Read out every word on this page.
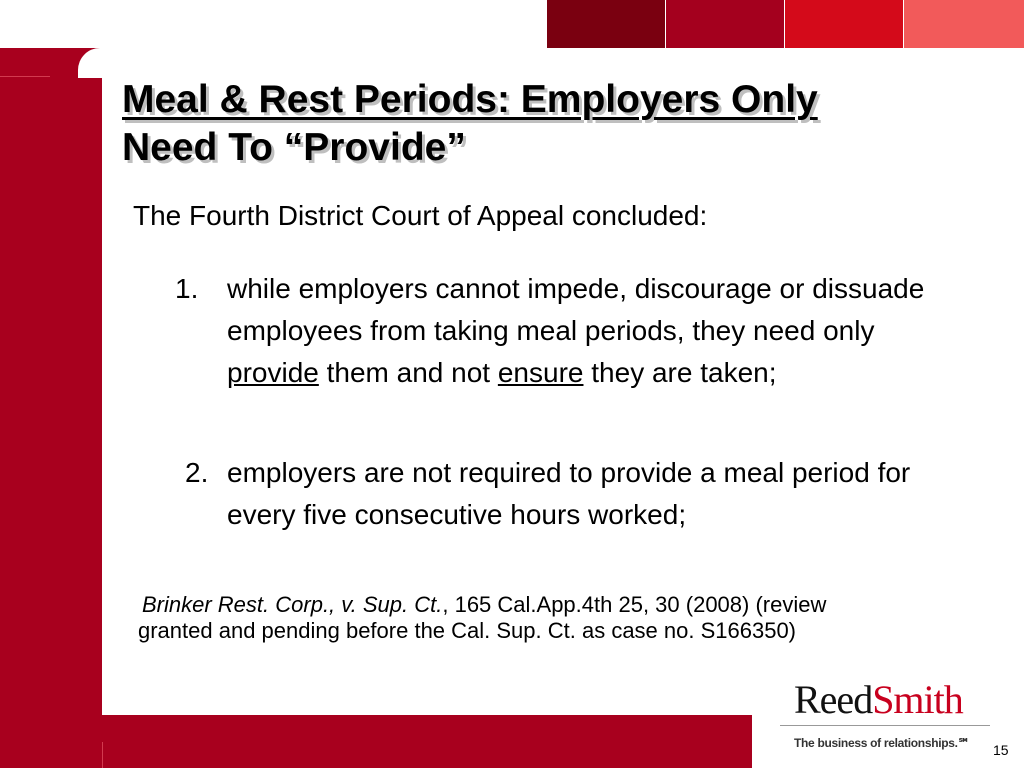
Meal & Rest Periods: Employers Only
Need To “Provide”
The Fourth District Court of Appeal concluded:
1.	while employers cannot impede, discourage or dissuade employees from taking meal periods, they need only provide them and not ensure they are taken;
2. employers are not required to provide a meal period for every five consecutive hours worked;
Brinker Rest. Corp., v. Sup. Ct., 165 Cal.App.4th 25, 30 (2008) (review
granted and pending before the Cal. Sup. Ct. as case no. S166350)
ReedSmith
The business of relationships.℠ 15
